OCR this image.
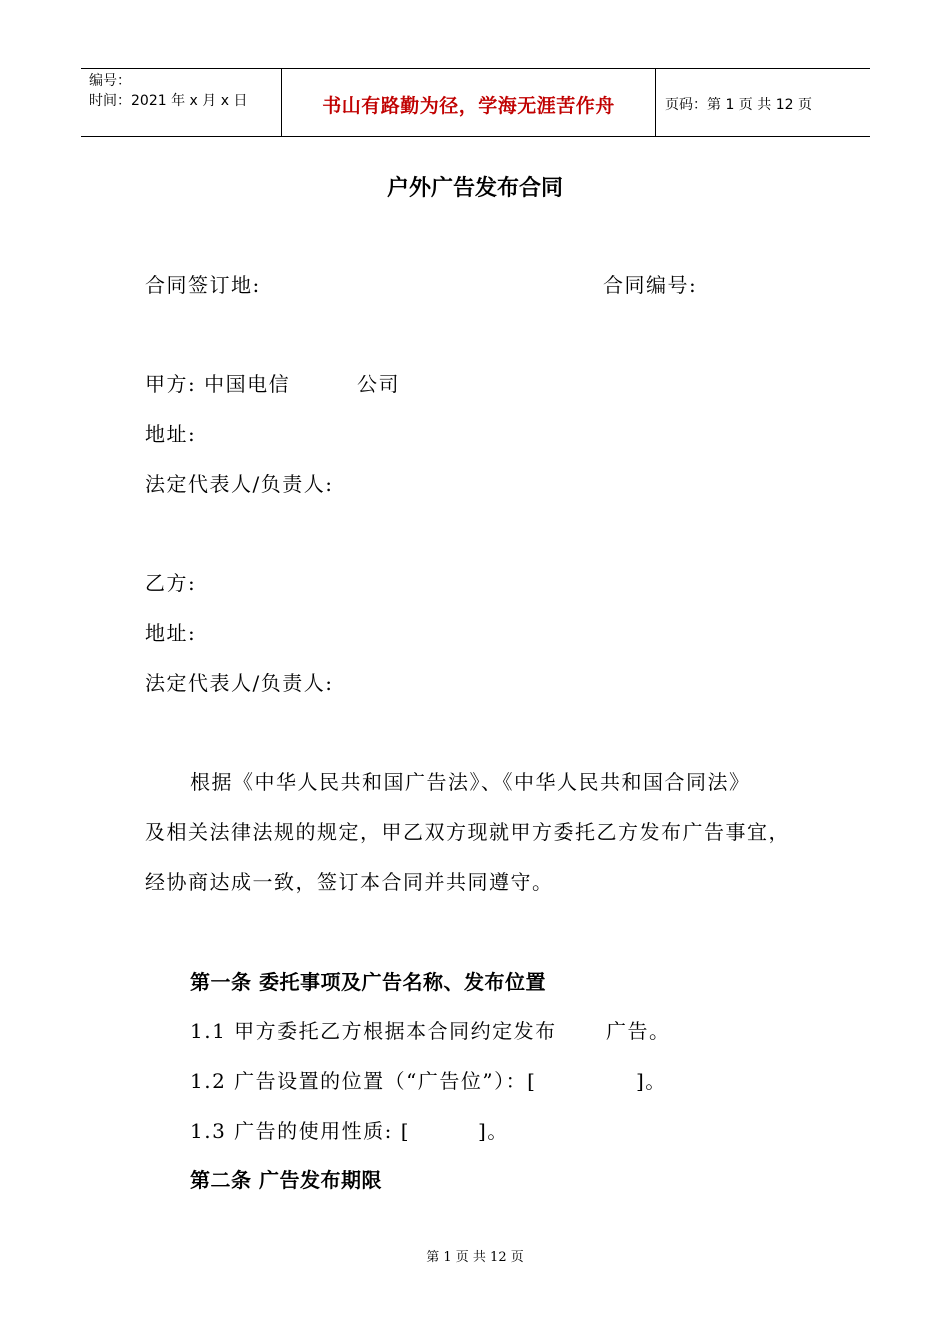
编号：
时间：2021 年 x 月 x 日	书山有路勤为径，学海无涯苦作舟	页码：第 1 页 共 12 页
户外广告发布合同
合同签订地:	合同编号:
甲方: 中国电信	公司
地址:
法定代表人/负责人:
乙方:
地址:
法定代表人/负责人:
根据《中华人民共和国广告法》、《中华人民共和国合同法》
及相关法律法规的规定，甲乙双方现就甲方委托乙方发布广告事宜，
经协商达成一致，签订本合同并共同遵守。
第一条 委托事项及广告名称、发布位置
1.1 甲方委托乙方根据本合同约定发布 广告。
1.2 广告设置的位置（“广告位”）：[	]。
1.3 广告的使用性质: [	]。
第二条 广告发布期限
第 1 页 共 12 页
